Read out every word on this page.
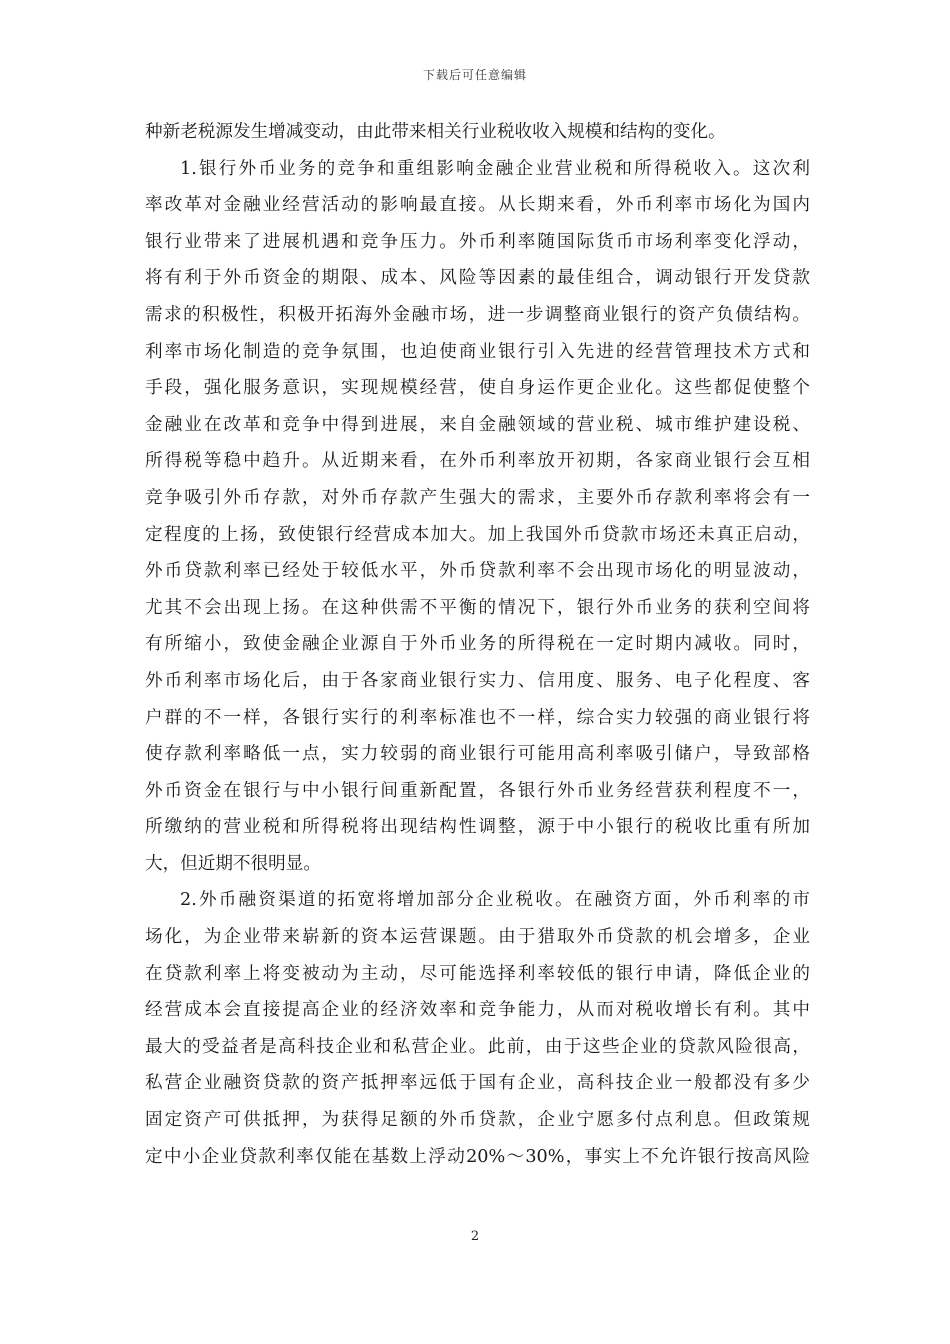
下载后可任意编辑
种新老税源发生增减变动，由此带来相关行业税收收入规模和结构的变化。
1.银行外币业务的竞争和重组影响金融企业营业税和所得税收入。这次利
率改革对金融业经营活动的影响最直接。从长期来看，外币利率市场化为国内
银行业带来了进展机遇和竞争压力。外币利率随国际货币市场利率变化浮动，
将有利于外币资金的期限、成本、风险等因素的最佳组合，调动银行开发贷款
需求的积极性，积极开拓海外金融市场，进一步调整商业银行的资产负债结构。
利率市场化制造的竞争氛围，也迫使商业银行引入先进的经营管理技术方式和
手段，强化服务意识，实现规模经营，使自身运作更企业化。这些都促使整个
金融业在改革和竞争中得到进展，来自金融领域的营业税、城市维护建设税、
所得税等稳中趋升。从近期来看，在外币利率放开初期，各家商业银行会互相
竞争吸引外币存款，对外币存款产生强大的需求，主要外币存款利率将会有一
定程度的上扬，致使银行经营成本加大。加上我国外币贷款市场还未真正启动，
外币贷款利率已经处于较低水平，外币贷款利率不会出现市场化的明显波动，
尤其不会出现上扬。在这种供需不平衡的情况下，银行外币业务的获利空间将
有所缩小，致使金融企业源自于外币业务的所得税在一定时期内减收。同时，
外币利率市场化后，由于各家商业银行实力、信用度、服务、电子化程度、客
户群的不一样，各银行实行的利率标准也不一样，综合实力较强的商业银行将
使存款利率略低一点，实力较弱的商业银行可能用高利率吸引储户，导致部格
外币资金在银行与中小银行间重新配置，各银行外币业务经营获利程度不一，
所缴纳的营业税和所得税将出现结构性调整，源于中小银行的税收比重有所加
大，但近期不很明显。
2.外币融资渠道的拓宽将增加部分企业税收。在融资方面，外币利率的市
场化，为企业带来崭新的资本运营课题。由于猎取外币贷款的机会增多，企业
在贷款利率上将变被动为主动，尽可能选择利率较低的银行申请，降低企业的
经营成本会直接提高企业的经济效率和竞争能力，从而对税收增长有利。其中
最大的受益者是高科技企业和私营企业。此前，由于这些企业的贷款风险很高，
私营企业融资贷款的资产抵押率远低于国有企业，高科技企业一般都没有多少
固定资产可供抵押，为获得足额的外币贷款，企业宁愿多付点利息。但政策规
定中小企业贷款利率仅能在基数上浮动20%～30%，事实上不允许银行按高风险
2
